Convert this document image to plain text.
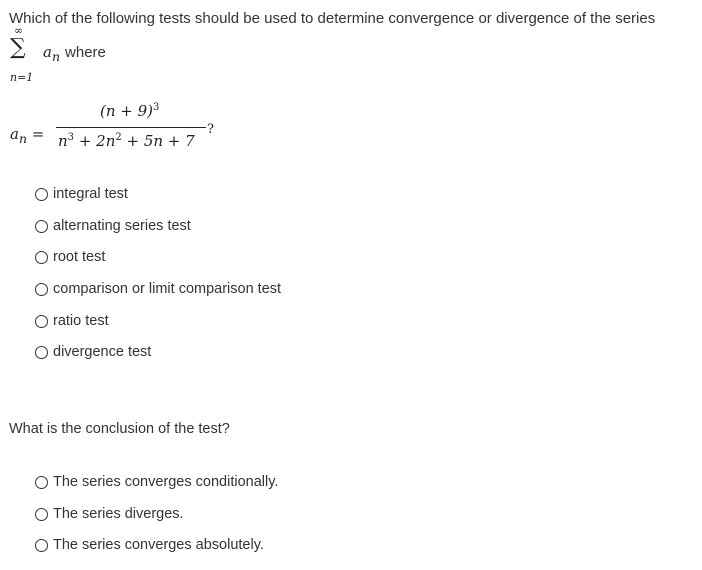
Which of the following tests should be used to determine convergence or divergence of the series
∞
∑
n=1
$a_n$ where
$a_n$ =
$(n + 9)^3$
$n^3 + 2n^2 + 5n + 7$
?
integral test
alternating series test
root test
comparison or limit comparison test
ratio test
divergence test
What is the conclusion of the test?
The series converges conditionally.
The series diverges.
The series converges absolutely.
